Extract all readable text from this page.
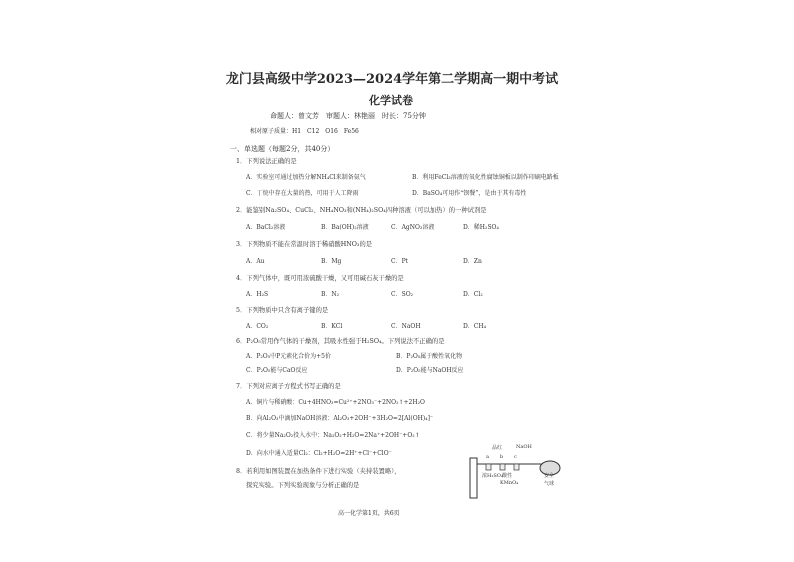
龙门县高级中学2023—2024学年第二学期高一期中考试
化学试卷
命题人：曾文芳　审题人：林艳丽　时长：75分钟
相对原子质量：H1　C12　O16　Fe56
一、单选题（每题2分，共40分）
1．下列说法正确的是
A．实验室可通过加热分解NH₄Cl来制备氨气	B．利用FeCl₃溶液的氧化性腐蚀铜板以制作印刷电路板
C．丁烷中存在大量的热，可用于人工降雨	D．BaSO₄可用作“钡餐”，是由于其有毒性
2．能鉴别Na₂SO₄、CuCl₂、NH₄NO₃和(NH₄)₂SO₄四种溶液（可以加热）的一种试剂是
A．BaCl₂溶液	B．Ba(OH)₂溶液	C．AgNO₃溶液	D．稀H₂SO₄
3．下列物质不能在常温时溶于稀硝酸HNO₃的是
A．Au	B．Mg	C．Pt	D．Zn
4．下列气体中，既可用浓硫酸干燥，又可用碱石灰干燥的是
A．H₂S	B．N₂	C．SO₂	D．Cl₂
5．下列物质中只含有离子键的是
A．CO₂	B．KCl	C．NaOH	D．CH₄
6．P₂O₅常用作气体的干燥剂，其吸水性强于H₂SO₄。下列说法不正确的是
A．P₂O₅中P元素化合价为+5价	B．P₂O₅属于酸性氧化物
C．P₂O₅能与CaO反应	D．P₂O₅能与NaOH反应
7．下列对应离子方程式书写正确的是
A．铜片与稀硝酸：Cu+4HNO₃=Cu²⁺+2NO₃⁻+2NO₂↑+2H₂O
B．向Al₂O₃中滴加NaOH溶液：Al₂O₃+2OH⁻+3H₂O=2[Al(OH)₄]⁻
C．将少量Na₂O₂投入水中：Na₂O₂+H₂O=2Na⁺+2OH⁻+O₂↑
D．向水中通入适量Cl₂：Cl₂+H₂O=2H⁺+Cl⁻+ClO⁻
8．若利用如图装置在加热条件下进行实验（夹持装置略），
探究实验。下列实验现象与分析正确的是
高一化学第1页，共6页
品红	NaOH
a b c
浓H₂SO₄ 酸性
KMnO₄
安全
气球
